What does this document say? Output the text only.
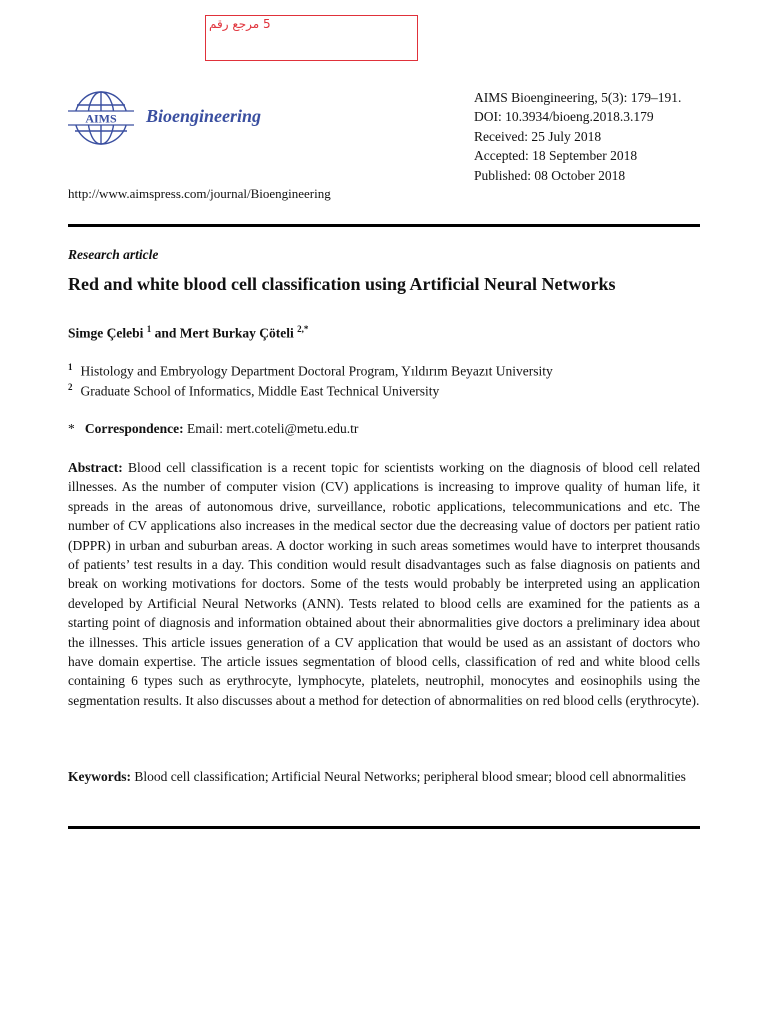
5 مرجع رقم
AIMS Bioengineering
AIMS Bioengineering, 5(3): 179–191.
DOI: 10.3934/bioeng.2018.3.179
Received: 25 July 2018
Accepted: 18 September 2018
Published: 08 October 2018
http://www.aimspress.com/journal/Bioengineering
Research article
Red and white blood cell classification using Artificial Neural Networks
Simge Çelebi $^1$ and Mert Burkay Çöteli $^{2,*}$
$^1$ Histology and Embryology Department Doctoral Program, Yıldırım Beyazıt University
$^2$ Graduate School of Informatics, Middle East Technical University
* Correspondence: Email: mert.coteli@metu.edu.tr
Abstract: Blood cell classification is a recent topic for scientists working on the diagnosis of blood cell related illnesses. As the number of computer vision (CV) applications is increasing to improve quality of human life, it spreads in the areas of autonomous drive, surveillance, robotic applications, telecommunications and etc. The number of CV applications also increases in the medical sector due the decreasing value of doctors per patient ratio (DPPR) in urban and suburban areas. A doctor working in such areas sometimes would have to interpret thousands of patients’ test results in a day. This condition would result disadvantages such as false diagnosis on patients and break on working motivations for doctors. Some of the tests would probably be interpreted using an application developed by Artificial Neural Networks (ANN). Tests related to blood cells are examined for the patients as a starting point of diagnosis and information obtained about their abnormalities give doctors a preliminary idea about the illnesses. This article issues generation of a CV application that would be used as an assistant of doctors who have domain expertise. The article issues segmentation of blood cells, classification of red and white blood cells containing 6 types such as erythrocyte, lymphocyte, platelets, neutrophil, monocytes and eosinophils using the segmentation results. It also discusses about a method for detection of abnormalities on red blood cells (erythrocyte).
Keywords: Blood cell classification; Artificial Neural Networks; peripheral blood smear; blood cell abnormalities
